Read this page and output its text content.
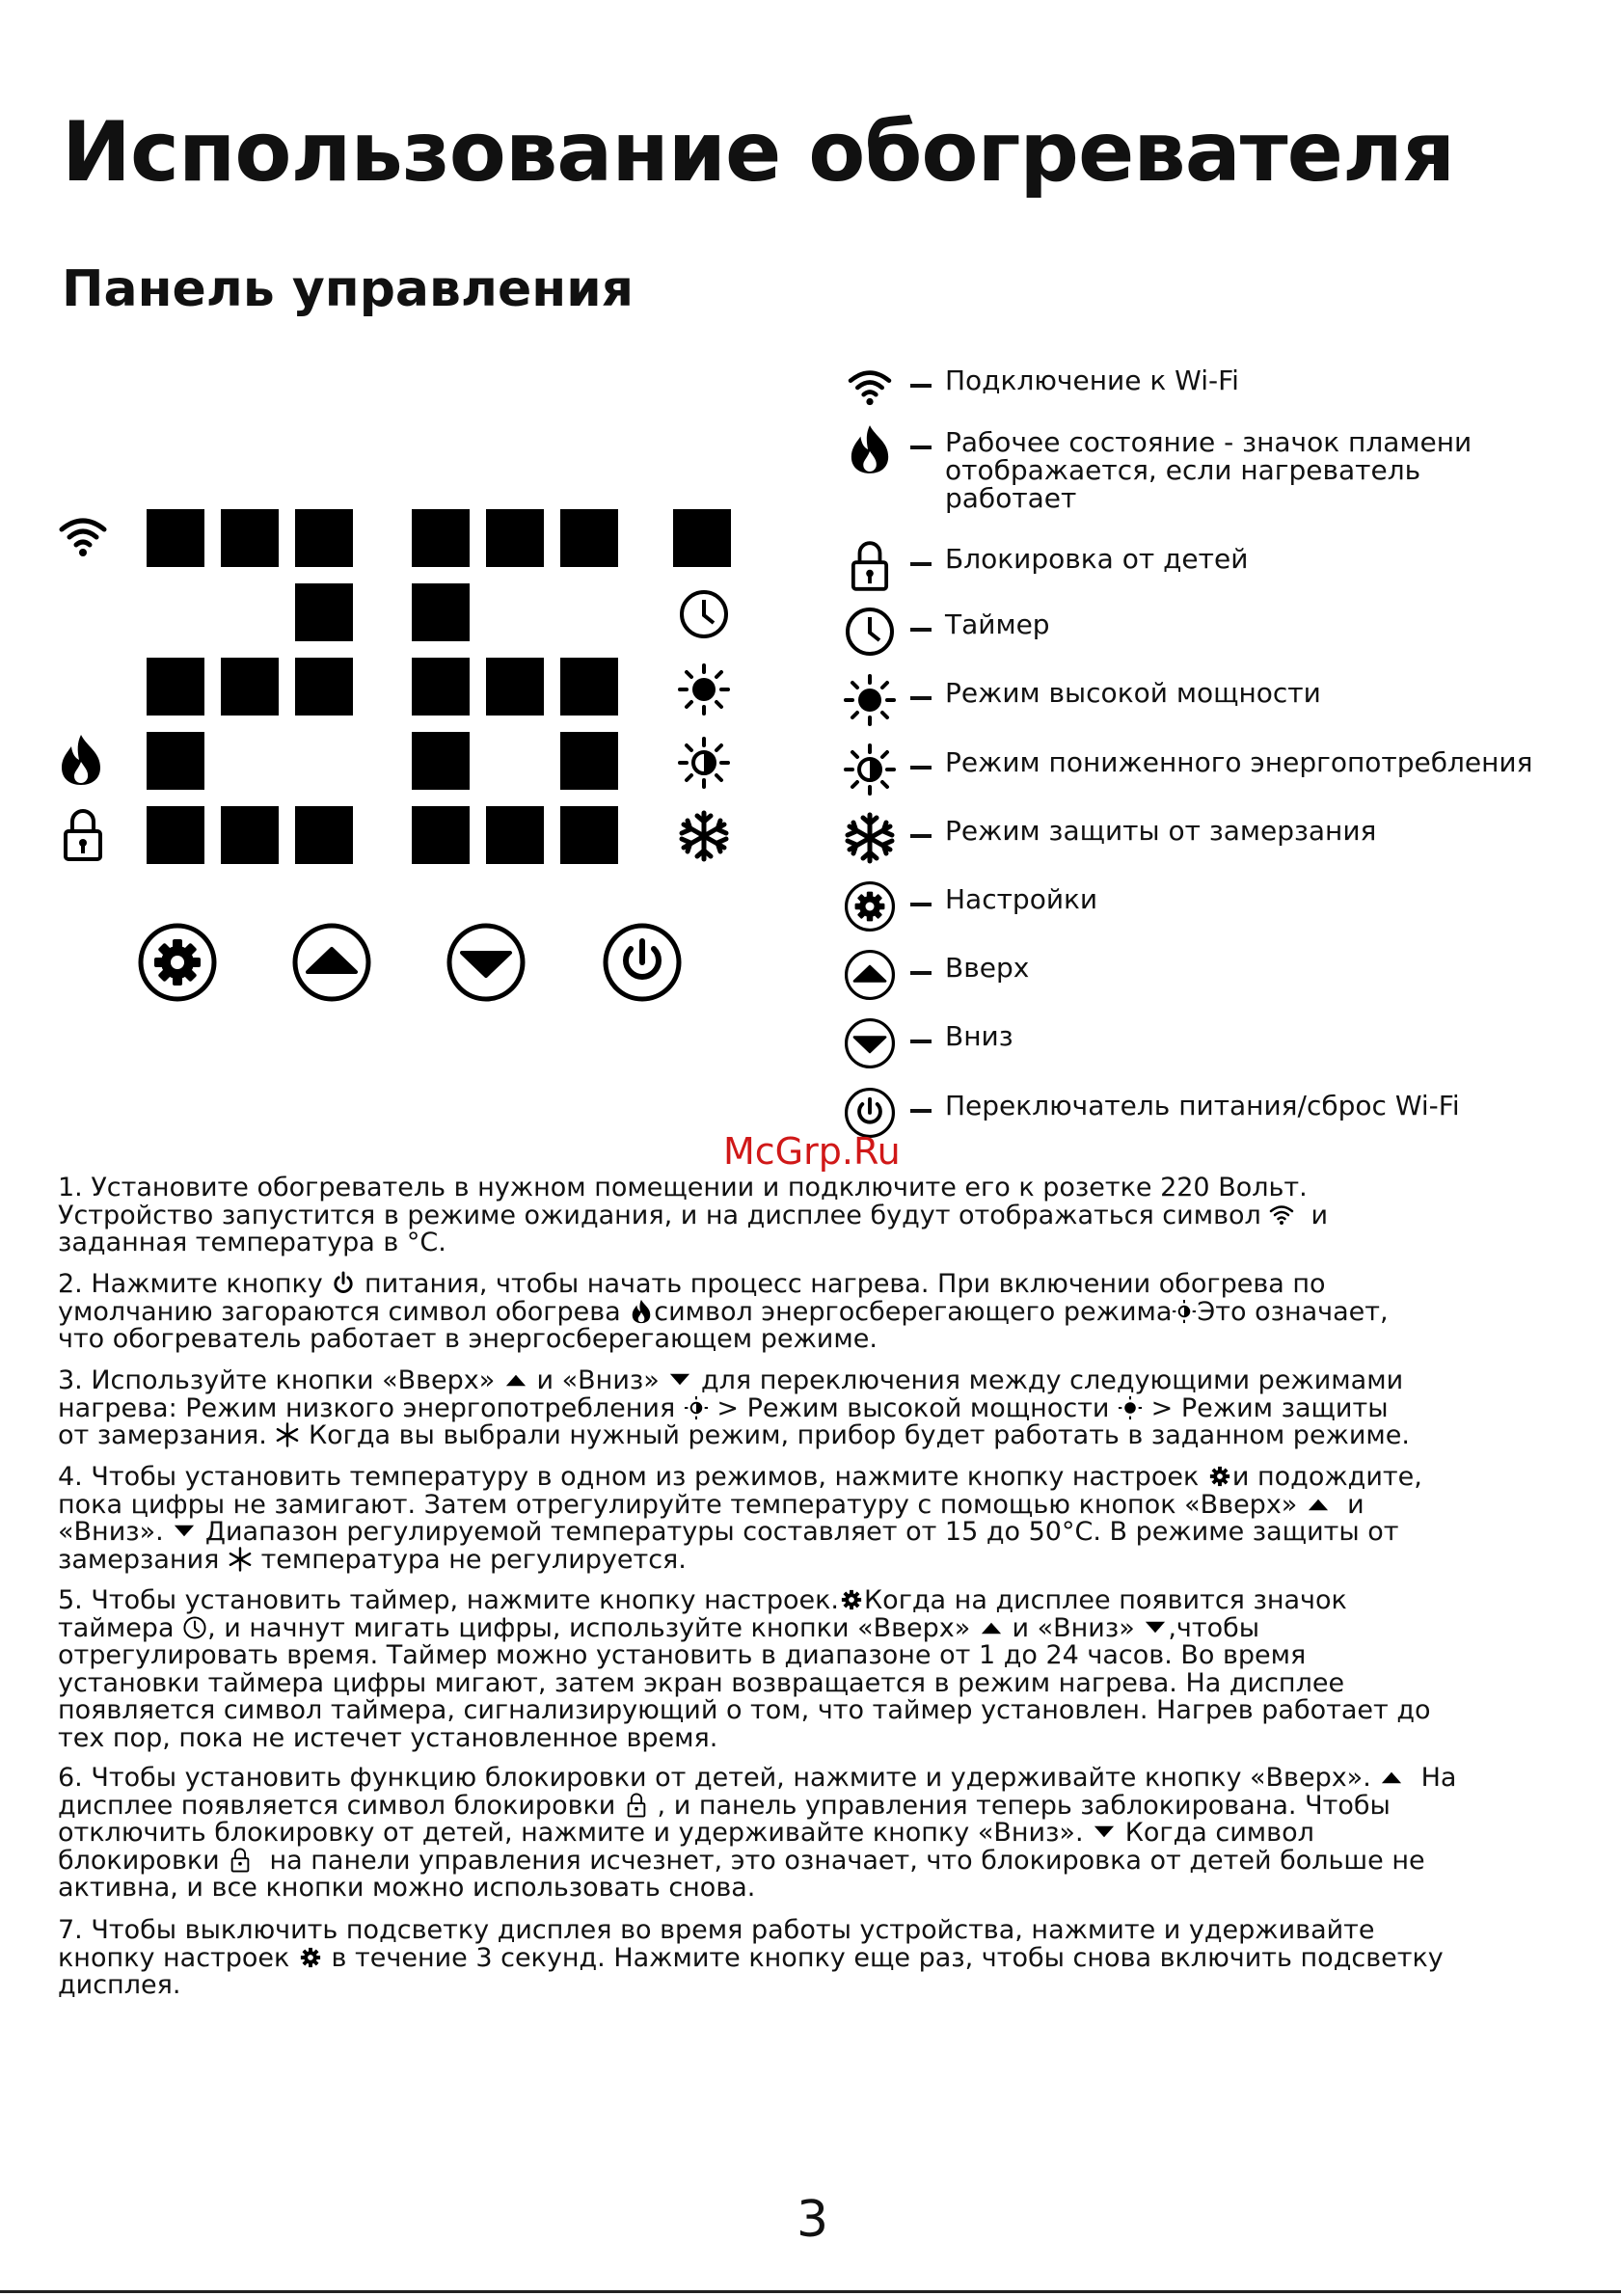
Использование обогревателя
Панель управления
Подключение к Wi-Fi
Рабочее состояние - значок пламени
отображается, если нагреватель
работает
Блокировка от детей
Таймер
Режим высокой мощности
Режим пониженного энергопотребления
Режим защиты от замерзания
Настройки
Вверх
Вниз
Переключатель питания/сброс Wi-Fi
McGrp.Ru

1. Установите обогреватель в нужном помещении и подключите его к розетке 220 Вольт.

Устройство запустится в режиме ожидания, и на дисплее будут отображаться символ и

заданная температура в °С.

2. Нажмите кнопку питания, чтобы начать процесс нагрева. При включении обогрева по

умолчанию загораются символ обогрева символ энергосберегающего режима Это означает,

что обогреватель работает в энергосберегающем режиме.

3. Используйте кнопки «Вверх» и «Вниз» для переключения между следующими режимами

нагрева: Режим низкого энергопотребления > Режим высокой мощности > Режим защиты

от замерзания. Когда вы выбрали нужный режим, прибор будет работать в заданном режиме.

4. Чтобы установить температуру в одном из режимов, нажмите кнопку настроек и подождите,

пока цифры не замигают. Затем отрегулируйте температуру с помощью кнопок «Вверх» и

«Вниз». Диапазон регулируемой температуры составляет от 15 до 50°С. В режиме защиты от

замерзания температура не регулируется.

5. Чтобы установить таймер, нажмите кнопку настроек. Когда на дисплее появится значок

таймера , и начнут мигать цифры, используйте кнопки «Вверх» и «Вниз» ,чтобы

отрегулировать время. Таймер можно установить в диапазоне от 1 до 24 часов. Во время

установки таймера цифры мигают, затем экран возвращается в режим нагрева. На дисплее

появляется символ таймера, сигнализирующий о том, что таймер установлен. Нагрев работает до

тех пор, пока не истечет установленное время.

6. Чтобы установить функцию блокировки от детей, нажмите и удерживайте кнопку «Вверх». На

дисплее появляется символ блокировки , и панель управления теперь заблокирована. Чтобы

отключить блокировку от детей, нажмите и удерживайте кнопку «Вниз». Когда символ

блокировки на панели управления исчезнет, это означает, что блокировка от детей больше не

активна, и все кнопки можно использовать снова.

7. Чтобы выключить подсветку дисплея во время работы устройства, нажмите и удерживайте

кнопку настроек в течение 3 секунд. Нажмите кнопку еще раз, чтобы снова включить подсветку

дисплея.

3
